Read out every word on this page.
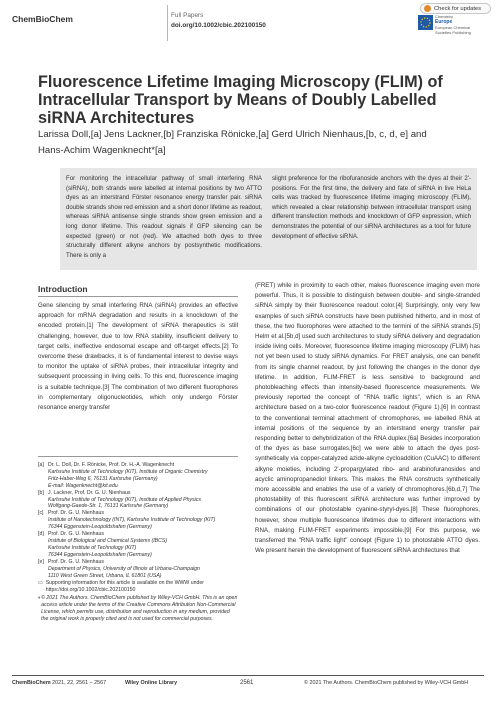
ChemBioChem	Full Papers
doi.org/10.1002/cbic.202100150
Check for updates
Chemistry
Europe
European Chemical
Societies Publishing
Fluorescence Lifetime Imaging Microscopy (FLIM) of Intracellular Transport by Means of Doubly Labelled siRNA Architectures
Larissa Doll,[a] Jens Lackner,[b] Franziska Rönicke,[a] Gerd Ulrich Nienhaus,[b, c, d, e] and
Hans-Achim Wagenknecht*[a]
For monitoring the intracellular pathway of small interfering RNA (siRNA), both strands were labelled at internal positions by two ATTO dyes as an interstrand Förster resonance energy transfer pair. siRNA double strands show red emission and a short donor lifetime as readout, whereas siRNA antisense single strands show green emission and a long donor lifetime. This readout signals if GFP silencing can be expected (green) or not (red). We attached both dyes to three structurally different alkyne anchors by postsynthetic modifications. There is only a
slight preference for the ribofuranoside anchors with the dyes at their 2'-positions. For the first time, the delivery and fate of siRNA in live HeLa cells was tracked by fluorescence lifetime imaging microscopy (FLIM), which revealed a clear relationship between intracellular transport using different transfection methods and knockdown of GFP expression, which demonstrates the potential of our siRNA architectures as a tool for future development of effective siRNA.
Introduction
Gene silencing by small interfering RNA (siRNA) provides an effective approach for mRNA degradation and results in a knockdown of the encoded protein.[1] The development of siRNA therapeutics is still challenging, however, due to low RNA stability, insufficient delivery to target cells, ineffective endosomal escape and off-target effects.[2] To overcome these drawbacks, it is of fundamental interest to devise ways to monitor the uptake of siRNA probes, their intracellular integrity and subsequent processing in living cells. To this end, fluorescence imaging is a suitable technique.[3] The combination of two different fluorophores in complementary oligonucleotides, which only undergo Förster resonance energy transfer
(FRET) while in proximity to each other, makes fluorescence imaging even more powerful. Thus, it is possible to distinguish between double- and single-stranded siRNA simply by their fluorescence readout color.[4] Surprisingly, only very few examples of such siRNA constructs have been published hitherto, and in most of these, the two fluorophores were attached to the termini of the siRNA strands.[5] Helm et al.[5b,d] used such architectures to study siRNA delivery and degradation inside living cells. Moreover, fluorescence lifetime imaging microscopy (FLIM) has not yet been used to study siRNA dynamics. For FRET analysis, one can benefit from its single channel readout, by just following the changes in the donor dye lifetime. In addition, FLIM-FRET is less sensitive to background and photobleaching effects than intensity-based fluorescence measurements. We previously reported the concept of "RNA traffic lights", which is an RNA architecture based on a two-color fluorescence readout (Figure 1).[6] In contrast to the conventional terminal attachment of chromophores, we labelled RNA at internal positions of the sequence by an interstrand energy transfer pair responding better to dehybridization of the RNA duplex.[6a] Besides incorporation of the dyes as base surrogates,[6c] we were able to attach the dyes post-synthetically via copper-catalyzed azide-alkyne cycloaddition (CuAAC) to different alkyne moieties, including 2'-propargylated ribo- and arabinofuranosides and acyclic aminopropanediol linkers. This makes the RNA constructs synthetically more accessible and enables the use of a variety of chromophores.[6b,d,7] The photostability of this fluorescent siRNA architecture was further improved by combinations of our photostable cyanine-styryl-dyes.[8] These fluorophores, however, show multiple fluorescence lifetimes due to different interactions with RNA, making FLIM-FRET experiments impossible.[9] For this purpose, we transferred the "RNA traffic light" concept (Figure 1) to photostable ATTO dyes. We present herein the development of fluorescent siRNA architectures that
[a] Dr. L. Doll, Dr. F. Rönicke, Prof. Dr. H.-A. Wagenknecht
Karlsruhe Institute of Technology (KIT), Institute of Organic Chemistry
Fritz-Haber-Weg 6, 76131 Karlsruhe (Germany)
E-mail: Wagenknecht@kit.edu
[b] J. Lackner, Prof. Dr. G. U. Nienhaus
Karlsruhe Institute of Technology (KIT), Institute of Applied Physics
Wolfgang-Gaede-Str. 1, 76131 Karlsruhe (Germany)
[c] Prof. Dr. G. U. Nienhaus
Institute of Nanotechnology (INT), Karlsruhe Institute of Technology (KIT)
76344 Eggenstein-Leopoldshafen (Germany)
[d] Prof. Dr. G. U. Nienhaus
Institute of Biological and Chemical Systems (IBCS)
Karlsruhe Institute of Technology (KIT)
76344 Eggenstein-Leopoldshafen (Germany)
[e] Prof. Dr. G. U. Nienhaus
Department of Physics, University of Illinois at Urbana-Champaign
1110 West Green Street, Urbana, IL 61801 (USA)
▭ Supporting information for this article is available on the WWW under https://doi.org/10.1002/cbic.202100150
◐ © 2021 The Authors. ChemBioChem published by Wiley-VCH GmbH. This is an open access article under the terms of the Creative Commons Attribution Non-Commercial License, which permits use, distribution and reproduction in any medium, provided the original work is properly cited and is not used for commercial purposes.
ChemBioChem 2021, 22, 2561 – 2567	Wiley Online Library	2561	© 2021 The Authors. ChemBioChem published by Wiley-VCH GmbH
